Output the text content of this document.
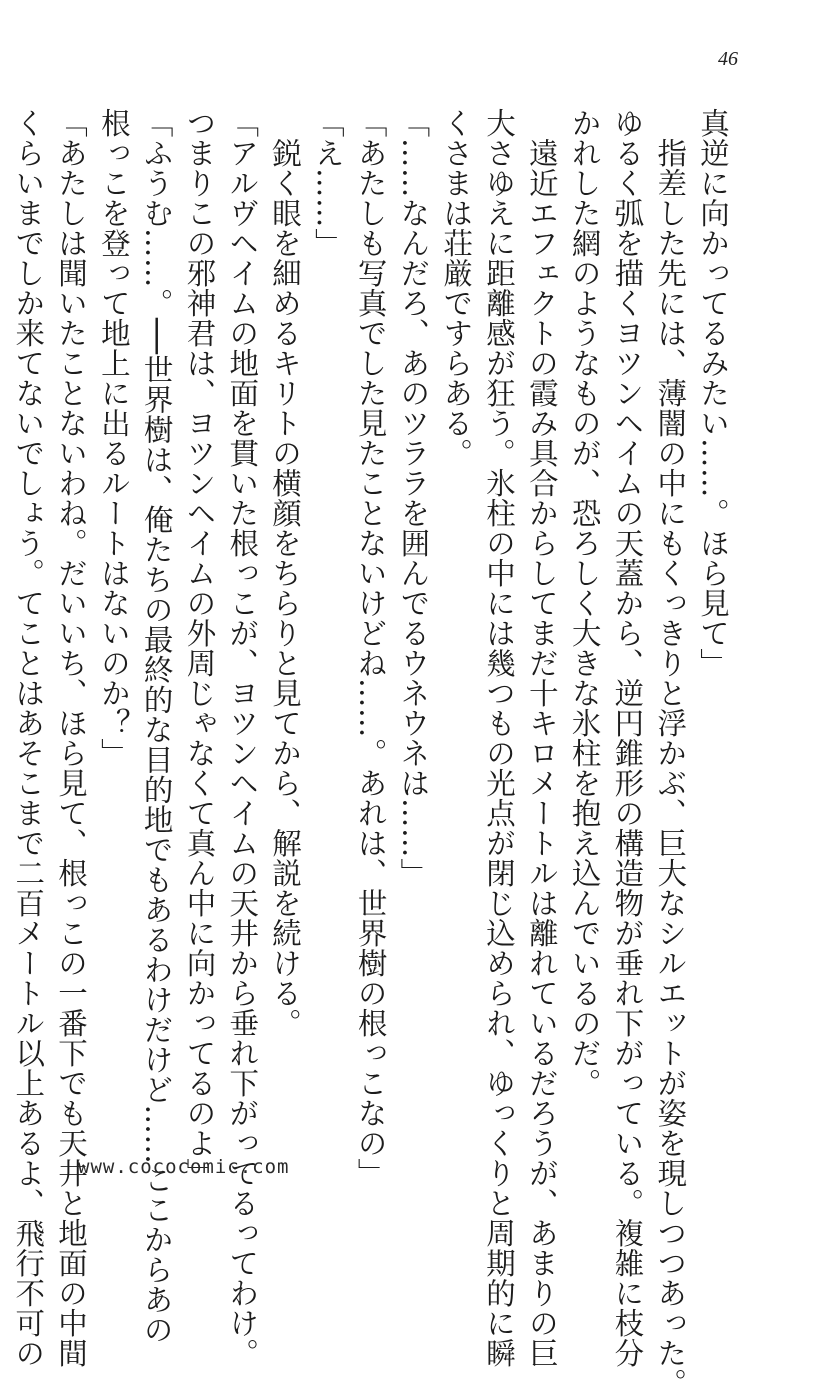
46
真逆に向かってるみたい……。ほら見て」
指差した先には、薄闇の中にもくっきりと浮かぶ、巨大なシルエットが姿を現しつつあった。
ゆるく弧を描くヨツンヘイムの天蓋から、逆円錐形の構造物が垂れ下がっている。複雑に枝分
かれした網のようなものが、恐ろしく大きな氷柱を抱え込んでいるのだ。
遠近エフェクトの霞み具合からしてまだ十キロメートルは離れているだろうが、あまりの巨
大さゆえに距離感が狂う。氷柱の中には幾つもの光点が閉じ込められ、ゆっくりと周期的に瞬
くさまは荘厳ですらある。
「……なんだろ、あのツララを囲んでるウネウネは……」
「あたしも写真でした見たことないけどね……。あれは、世界樹の根っこなの」
「え……」
鋭く眼を細めるキリトの横顔をちらりと見てから、解説を続ける。
「アルヴヘイムの地面を貫いた根っこが、ヨツンヘイムの天井から垂れ下がってるってわけ。
つまりこの邪神君は、ヨツンヘイムの外周じゃなくて真ん中に向かってるのよ」
「ふうむ……。──世界樹は、俺たちの最終的な目的地でもあるわけだけど……ここからあの
根っこを登って地上に出るルートはないのか？」
「あたしは聞いたことないわね。だいいち、ほら見て、根っこの一番下でも天井と地面の中間
くらいまでしか来てないでしょう。てことはあそこまで二百メートル以上あるよ、飛行不可の www.cococomic.com
